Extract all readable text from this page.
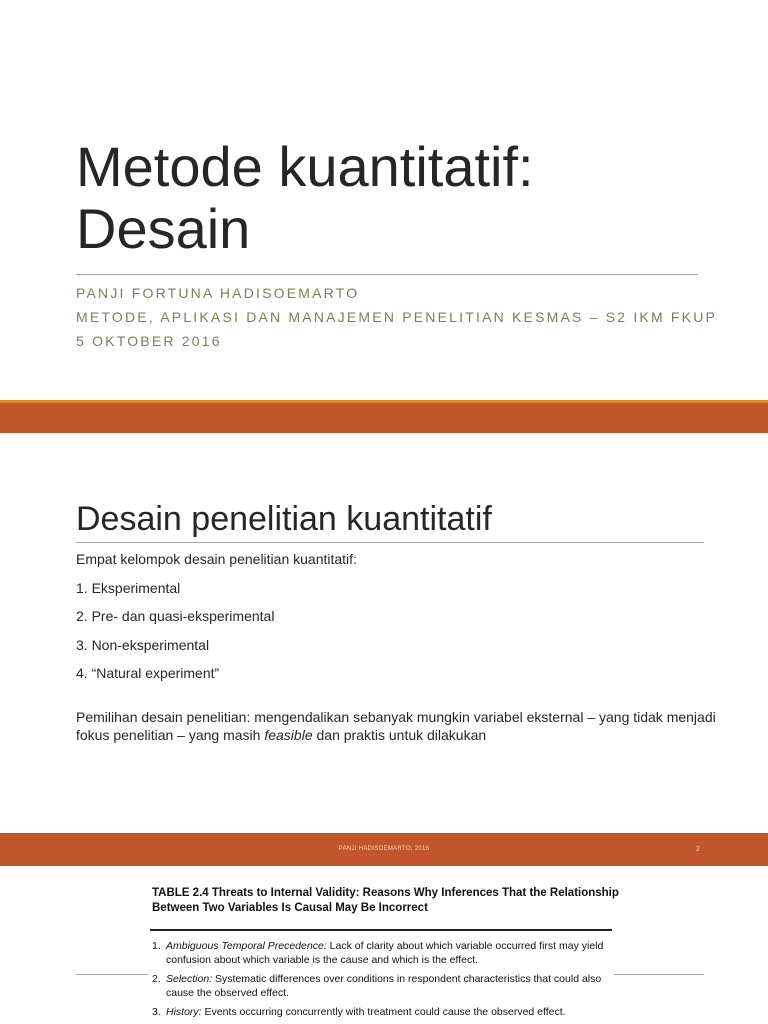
Metode kuantitatif:
Desain
PANJI FORTUNA HADISOEMARTO
METODE, APLIKASI DAN MANAJEMEN PENELITIAN KESMAS – S2 IKM FKUP
5 OKTOBER 2016
Desain penelitian kuantitatif
Empat kelompok desain penelitian kuantitatif:
1. Eksperimental
2. Pre- dan quasi-eksperimental
3. Non-eksperimental
4. “Natural experiment”
Pemilihan desain penelitian: mengendalikan sebanyak mungkin variabel eksternal – yang tidak menjadi fokus penelitian – yang masih feasible dan praktis untuk dilakukan
PANJI HADISOEMARTO, 2016	2
TABLE 2.4 Threats to Internal Validity: Reasons Why Inferences That the Relationship Between Two Variables Is Causal May Be Incorrect
1. Ambiguous Temporal Precedence: Lack of clarity about which variable occurred first may yield confusion about which variable is the cause and which is the effect.
2. Selection: Systematic differences over conditions in respondent characteristics that could also cause the observed effect.
3. History: Events occurring concurrently with treatment could cause the observed effect.
